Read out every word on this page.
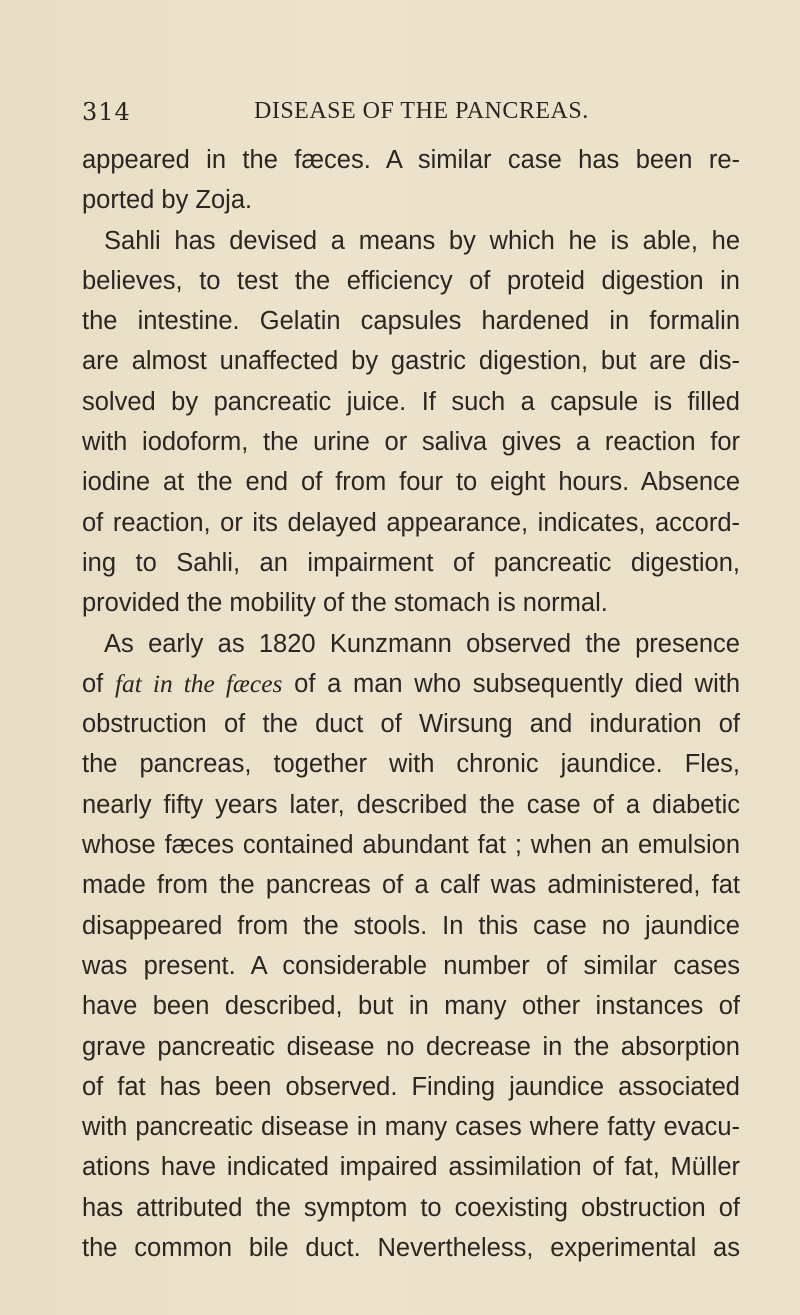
314	DISEASE OF THE PANCREAS.
appeared in the fæces. A similar case has been re-
ported by Zoja.
Sahli has devised a means by which he is able, he
believes, to test the efficiency of proteid digestion in
the intestine. Gelatin capsules hardened in formalin
are almost unaffected by gastric digestion, but are dis-
solved by pancreatic juice. If such a capsule is filled
with iodoform, the urine or saliva gives a reaction for
iodine at the end of from four to eight hours. Absence
of reaction, or its delayed appearance, indicates, accord-
ing to Sahli, an impairment of pancreatic digestion,
provided the mobility of the stomach is normal.
As early as 1820 Kunzmann observed the presence
of fat in the fæces of a man who subsequently died with
obstruction of the duct of Wirsung and induration of
the pancreas, together with chronic jaundice. Fles,
nearly fifty years later, described the case of a diabetic
whose fæces contained abundant fat ; when an emulsion
made from the pancreas of a calf was administered, fat
disappeared from the stools. In this case no jaundice
was present. A considerable number of similar cases
have been described, but in many other instances of
grave pancreatic disease no decrease in the absorption
of fat has been observed. Finding jaundice associated
with pancreatic disease in many cases where fatty evacu-
ations have indicated impaired assimilation of fat, Müller
has attributed the symptom to coexisting obstruction of
the common bile duct. Nevertheless, experimental as
